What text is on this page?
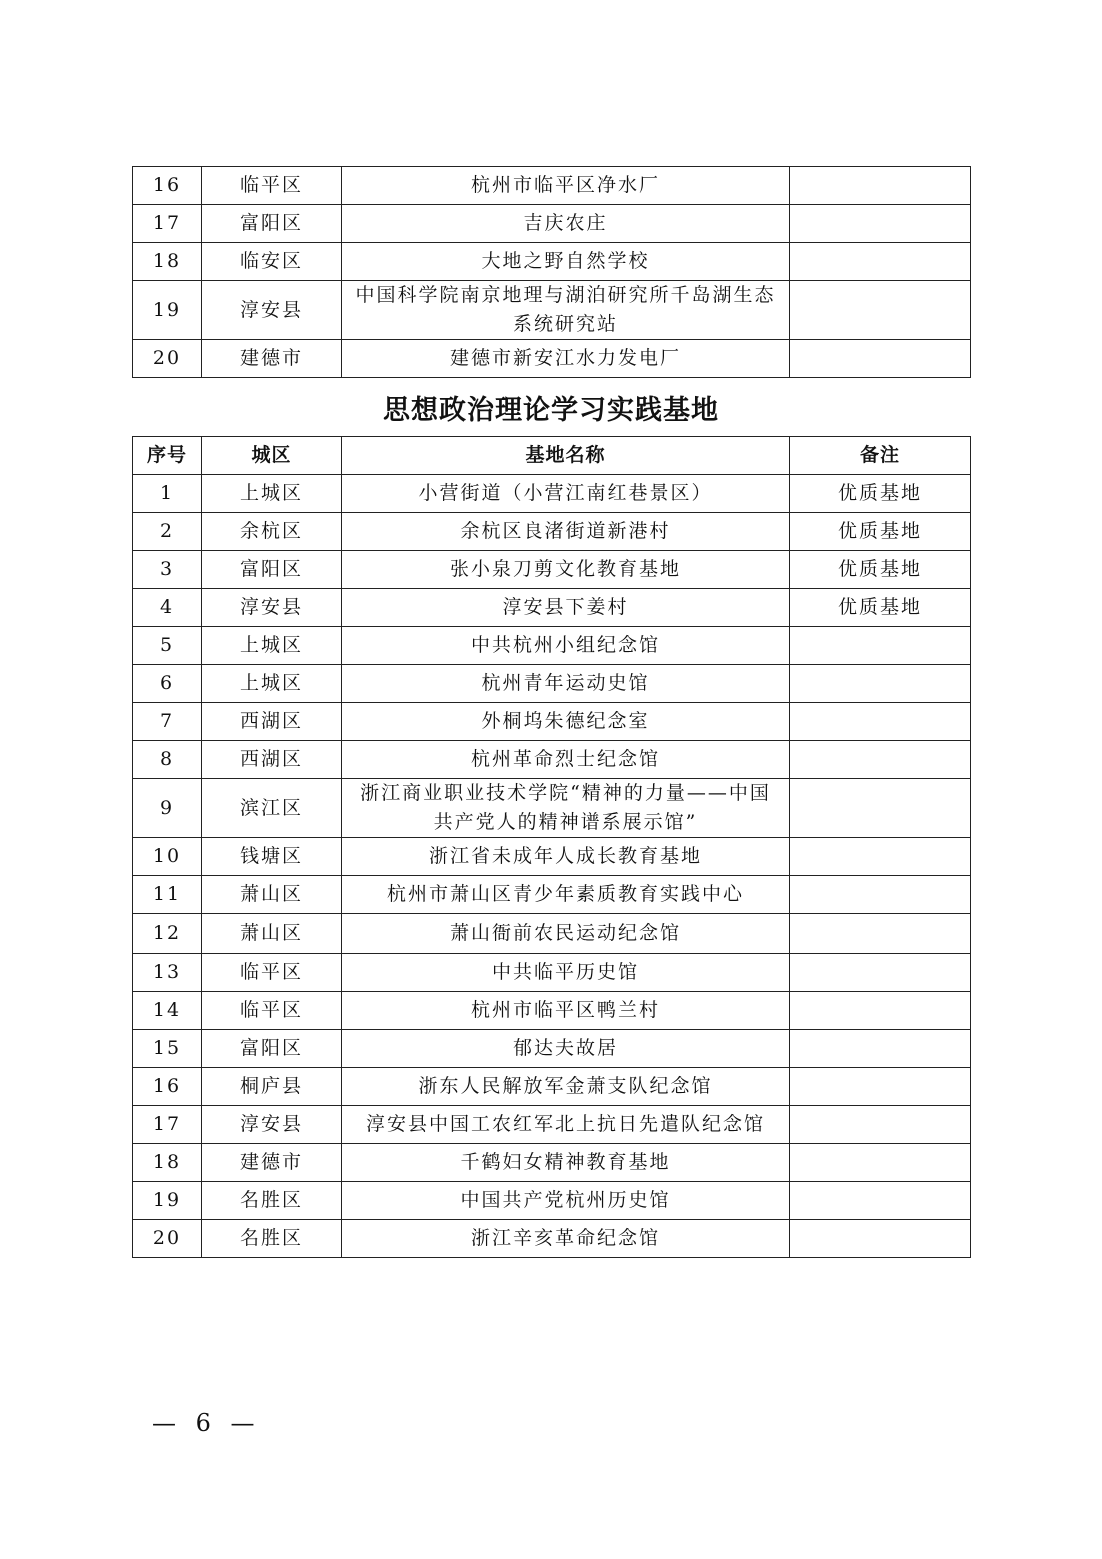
16	临平区	杭州市临平区净水厂	
17	富阳区	吉庆农庄	
18	临安区	大地之野自然学校	
19	淳安县	中国科学院南京地理与湖泊研究所千岛湖生态系统研究站	
20	建德市	建德市新安江水力发电厂	
思想政治理论学习实践基地
序号	城区	基地名称	备注
1	上城区	小营街道（小营江南红巷景区）	优质基地
2	余杭区	余杭区良渚街道新港村	优质基地
3	富阳区	张小泉刀剪文化教育基地	优质基地
4	淳安县	淳安县下姜村	优质基地
5	上城区	中共杭州小组纪念馆	
6	上城区	杭州青年运动史馆	
7	西湖区	外桐坞朱德纪念室	
8	西湖区	杭州革命烈士纪念馆	
9	滨江区	浙江商业职业技术学院“精神的力量——中国共产党人的精神谱系展示馆”	
10	钱塘区	浙江省未成年人成长教育基地	
11	萧山区	杭州市萧山区青少年素质教育实践中心	
12	萧山区	萧山衙前农民运动纪念馆	
13	临平区	中共临平历史馆	
14	临平区	杭州市临平区鸭兰村	
15	富阳区	郁达夫故居	
16	桐庐县	浙东人民解放军金萧支队纪念馆	
17	淳安县	淳安县中国工农红军北上抗日先遣队纪念馆	
18	建德市	千鹤妇女精神教育基地	
19	名胜区	中国共产党杭州历史馆	
20	名胜区	浙江辛亥革命纪念馆	
— 6 —
